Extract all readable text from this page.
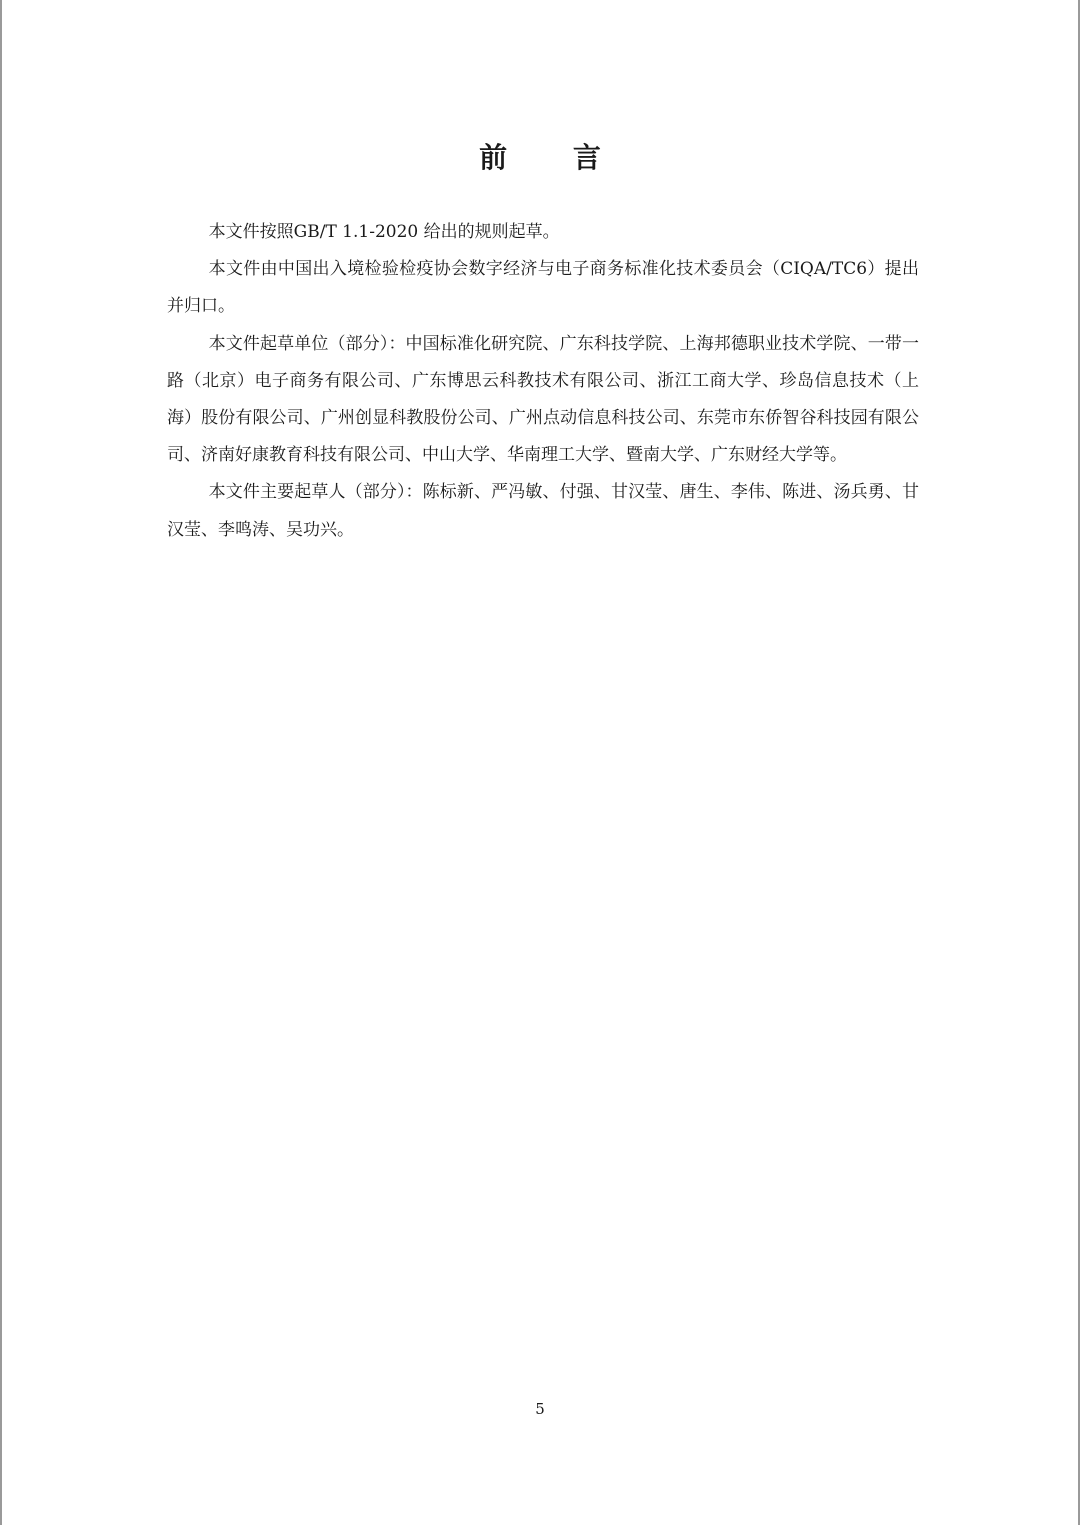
前 言

本文件按照GB/T 1.1-2020 给出的规则起草。

本文件由中国出入境检验检疫协会数字经济与电子商务标准化技术委员会（CIQA/TC6）提出并归口。

本文件起草单位（部分）：中国标准化研究院、广东科技学院、上海邦德职业技术学院、一带一路（北京）电子商务有限公司、广东博思云科教技术有限公司、浙江工商大学、珍岛信息技术（上海）股份有限公司、广州创显科教股份公司、广州点动信息科技公司、东莞市东侨智谷科技园有限公司、济南好康教育科技有限公司、中山大学、华南理工大学、暨南大学、广东财经大学等。

本文件主要起草人（部分）：陈标新、严冯敏、付强、甘汉莹、唐生、李伟、陈进、汤兵勇、甘汉莹、李鸣涛、吴功兴。

5
